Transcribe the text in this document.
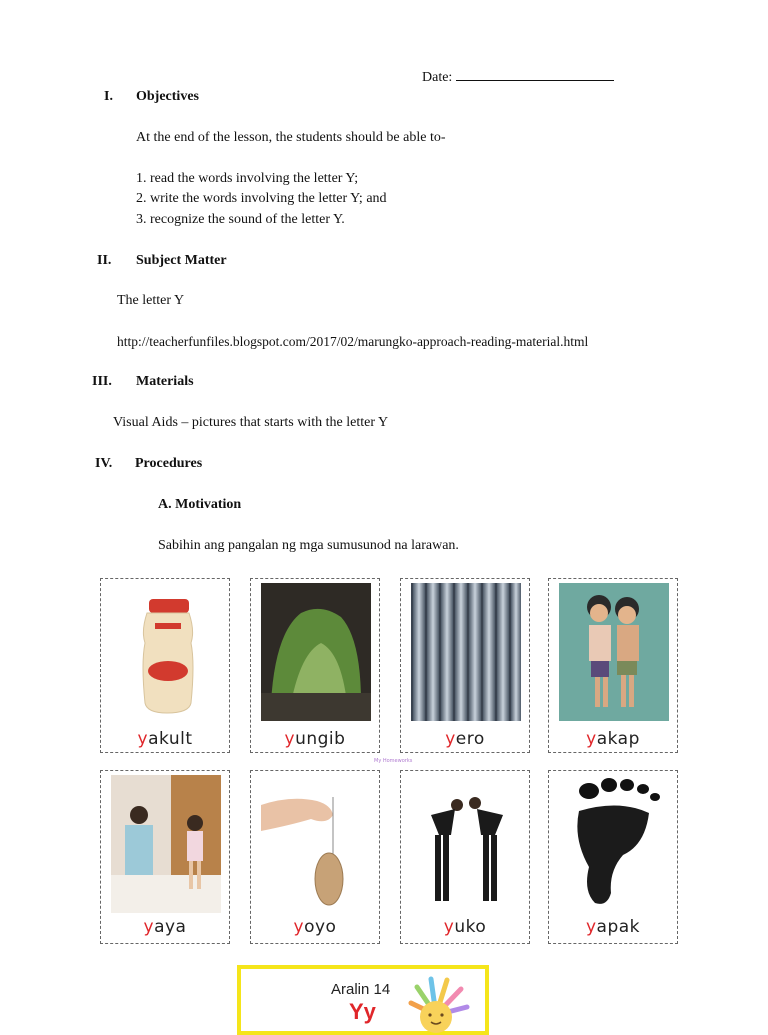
Date:
I. Objectives
At the end of the lesson, the students should be able to-
1. read the words involving the letter Y;
2. write the words involving the letter Y; and
3. recognize the sound of the letter Y.
II. Subject Matter
The letter Y
http://teacherfunfiles.blogspot.com/2017/02/marungko-approach-reading-material.html
III. Materials
Visual Aids – pictures that starts with the letter Y
IV. Procedures
A. Motivation
Sabihin ang pangalan ng mga sumusunod na larawan.
yakult	yungib	yero	yakap
My Homeworks
yaya	yoyo	yuko	yapak
Aralin 14
Yy
